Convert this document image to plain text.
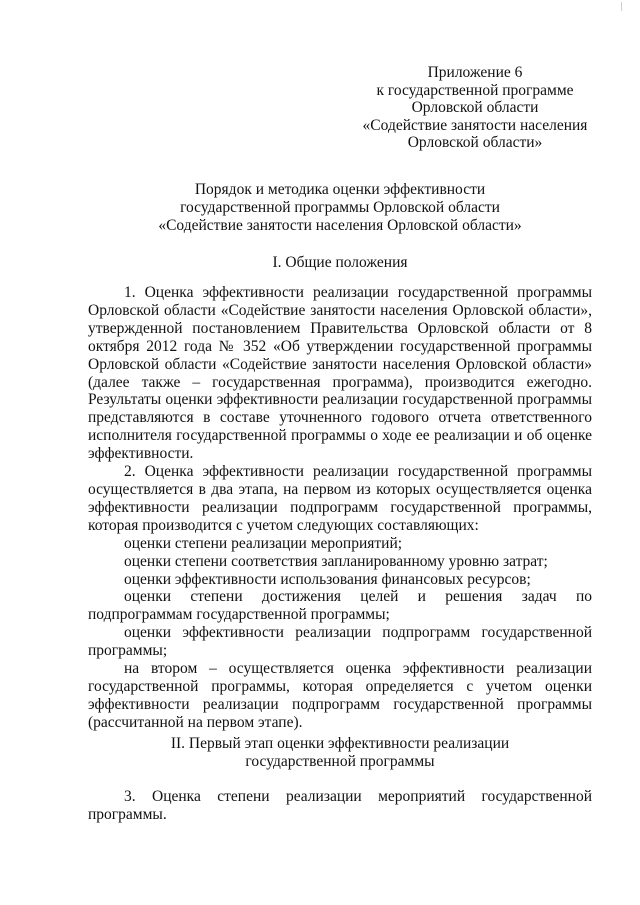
Приложение 6
к государственной программе
Орловской области
«Содействие занятости населения
Орловской области»
Порядок и методика оценки эффективности
государственной программы Орловской области
«Содействие занятости населения Орловской области»
I. Общие положения

1. Оценка эффективности реализации государственной программы Орловской области «Содействие занятости населения Орловской области», утвержденной постановлением Правительства Орловской области от 8 октября 2012 года № 352 «Об утверждении государственной программы Орловской области «Содействие занятости населения Орловской области» (далее также – государственная программа), производится ежегодно. Результаты оценки эффективности реализации государственной программы представляются в составе уточненного годового отчета ответственного исполнителя государственной программы о ходе ее реализации и об оценке эффективности.

2. Оценка эффективности реализации государственной программы осуществляется в два этапа, на первом из которых осуществляется оценка эффективности реализации подпрограмм государственной программы, которая производится с учетом следующих составляющих:

оценки степени реализации мероприятий;

оценки степени соответствия запланированному уровню затрат;

оценки эффективности использования финансовых ресурсов;

оценки степени достижения целей и решения задач по подпрограммам государственной программы;

оценки эффективности реализации подпрограмм государственной программы;

на втором – осуществляется оценка эффективности реализации государственной программы, которая определяется с учетом оценки эффективности реализации подпрограмм государственной программы (рассчитанной на первом этапе).

II. Первый этап оценки эффективности реализации
государственной программы

3. Оценка степени реализации мероприятий государственной программы.
